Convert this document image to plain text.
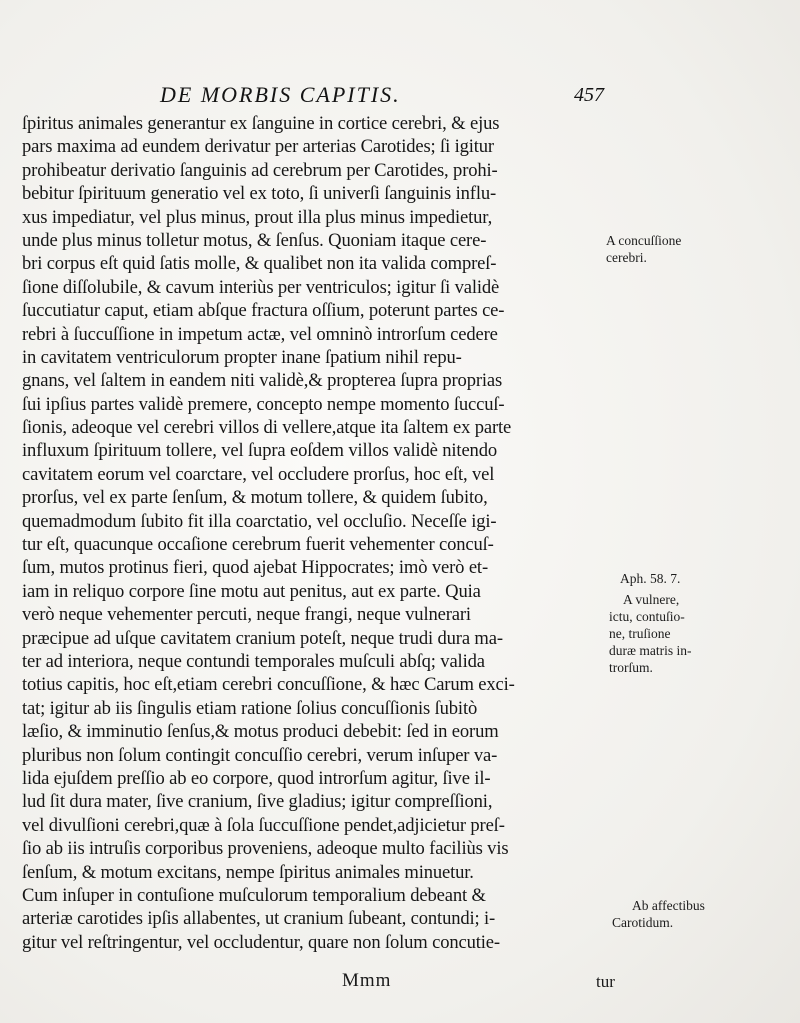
DE MORBIS CAPITIS.	457
ſpiritus animales generantur ex ſanguine in cortice cerebri, & ejus
pars maxima ad eundem derivatur per arterias Carotides; ſi igitur
prohibeatur derivatio ſanguinis ad cerebrum per Carotides, prohi-
bebitur ſpirituum generatio vel ex toto, ſi univerſi ſanguinis influ-
xus impediatur, vel plus minus, prout illa plus minus impedietur,
unde plus minus tolletur motus, & ſenſus. Quoniam itaque cere-
bri corpus eſt quid ſatis molle, & qualibet non ita valida compreſ-
ſione diſſolubile, & cavum interiùs per ventriculos; igitur ſi validè
ſuccutiatur caput, etiam abſque fractura oſſium, poterunt partes ce-
rebri à ſuccuſſione in impetum actæ, vel omninò introrſum cedere
in cavitatem ventriculorum propter inane ſpatium nihil repu-
gnans, vel ſaltem in eandem niti validè,& propterea ſupra proprias
ſui ipſius partes validè premere, concepto nempe momento ſuccuſ-
ſionis, adeoque vel cerebri villos di vellere,atque ita ſaltem ex parte
influxum ſpirituum tollere, vel ſupra eoſdem villos validè nitendo
cavitatem eorum vel coarctare, vel occludere prorſus, hoc eſt, vel
prorſus, vel ex parte ſenſum, & motum tollere, & quidem ſubito,
quemadmodum ſubito fit illa coarctatio, vel occluſio. Neceſſe igi-
tur eſt, quacunque occaſione cerebrum fuerit vehementer concuſ-
ſum, mutos protinus fieri, quod ajebat Hippocrates; imò verò et-
iam in reliquo corpore ſine motu aut penitus, aut ex parte. Quia
verò neque vehementer percuti, neque frangi, neque vulnerari
præcipue ad uſque cavitatem cranium poteſt, neque trudi dura ma-
ter ad interiora, neque contundi temporales muſculi abſq; valida
totius capitis, hoc eſt,etiam cerebri concuſſione, & hæc Carum exci-
tat; igitur ab iis ſingulis etiam ratione ſolius concuſſionis ſubitò
læſio, & imminutio ſenſus,& motus produci debebit: ſed in eorum
pluribus non ſolum contingit concuſſio cerebri, verum inſuper va-
lida ejuſdem preſſio ab eo corpore, quod introrſum agitur, ſive il-
lud ſit dura mater, ſive cranium, ſive gladius; igitur compreſſioni,
vel divulſioni cerebri,quæ à ſola ſuccuſſione pendet,adjicietur preſ-
ſio ab iis intruſis corporibus proveniens, adeoque multo faciliùs vis
ſenſum, & motum excitans, nempe ſpiritus animales minuetur.
Cum inſuper in contuſione muſculorum temporalium debeant &
arteriæ carotides ipſis allabentes, ut cranium ſubeant, contundi; i-
gitur vel reſtringentur, vel occludentur, quare non ſolum concutie-
A concuſſione
cerebri.
Aph. 58. 7.
A vulnere,
ictu, contuſio-
ne, truſione
duræ matris in-
trorſum.
Ab affectibus
Carotidum.
Mmm	tur
